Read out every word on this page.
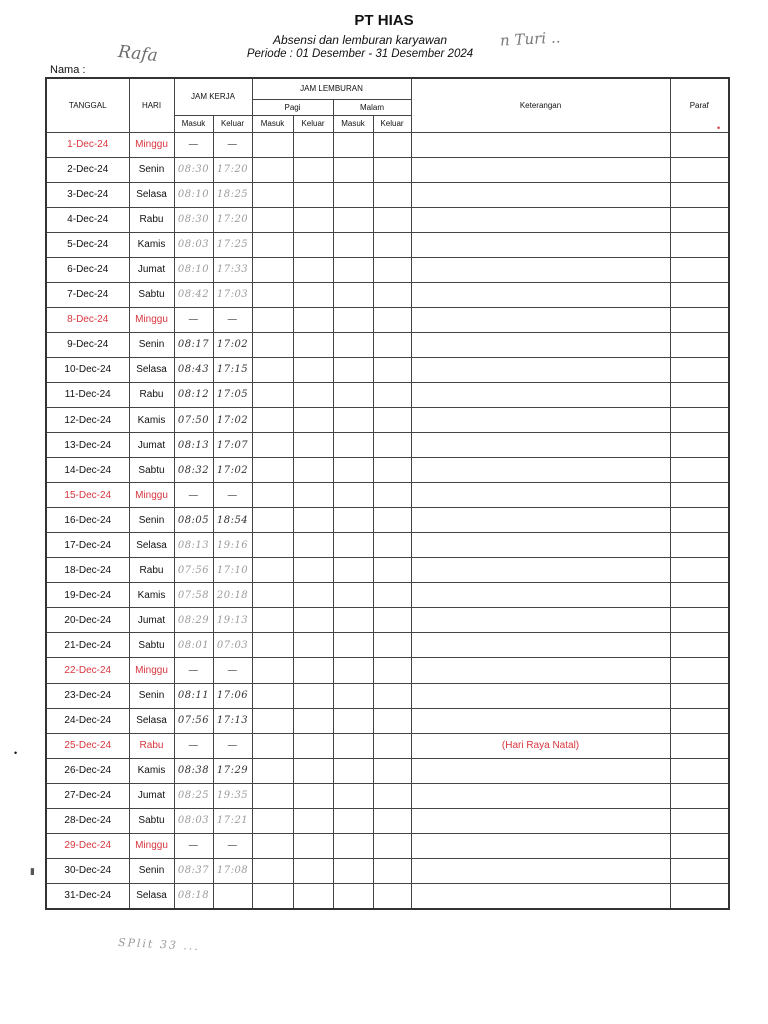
PT HIAS
Absensi dan lemburan karyawan
Periode : 01 Desember - 31 Desember 2024
Nama :
Rafa
n Turi ..
SPlit 33 ...
TANGGAL	HARI	JAM KERJA		JAM LEMBURAN				Keterangan	Paraf
				Pagi		Malam			
		Masuk	Keluar	Masuk	Keluar	Masuk	Keluar		
1-Dec-24	Minggu	—	—						
2-Dec-24	Senin	08:30	17:20						
3-Dec-24	Selasa	08:10	18:25						
4-Dec-24	Rabu	08:30	17:20						
5-Dec-24	Kamis	08:03	17:25						
6-Dec-24	Jumat	08:10	17:33						
7-Dec-24	Sabtu	08:42	17:03						
8-Dec-24	Minggu	—	—						
9-Dec-24	Senin	08:17	17:02						
10-Dec-24	Selasa	08:43	17:15						
11-Dec-24	Rabu	08:12	17:05						
12-Dec-24	Kamis	07:50	17:02						
13-Dec-24	Jumat	08:13	17:07						
14-Dec-24	Sabtu	08:32	17:02						
15-Dec-24	Minggu	—	—						
16-Dec-24	Senin	08:05	18:54						
17-Dec-24	Selasa	08:13	19:16						
18-Dec-24	Rabu	07:56	17:10						
19-Dec-24	Kamis	07:58	20:18						
20-Dec-24	Jumat	08:29	19:13						
21-Dec-24	Sabtu	08:01	07:03						
22-Dec-24	Minggu	—	—						
23-Dec-24	Senin	08:11	17:06						
24-Dec-24	Selasa	07:56	17:13						
25-Dec-24	Rabu	—	—					(Hari Raya Natal)	
26-Dec-24	Kamis	08:38	17:29						
27-Dec-24	Jumat	08:25	19:35						
28-Dec-24	Sabtu	08:03	17:21						
29-Dec-24	Minggu	—	—						
30-Dec-24	Senin	08:37	17:08						
31-Dec-24	Selasa	08:18							
•
•
▮
